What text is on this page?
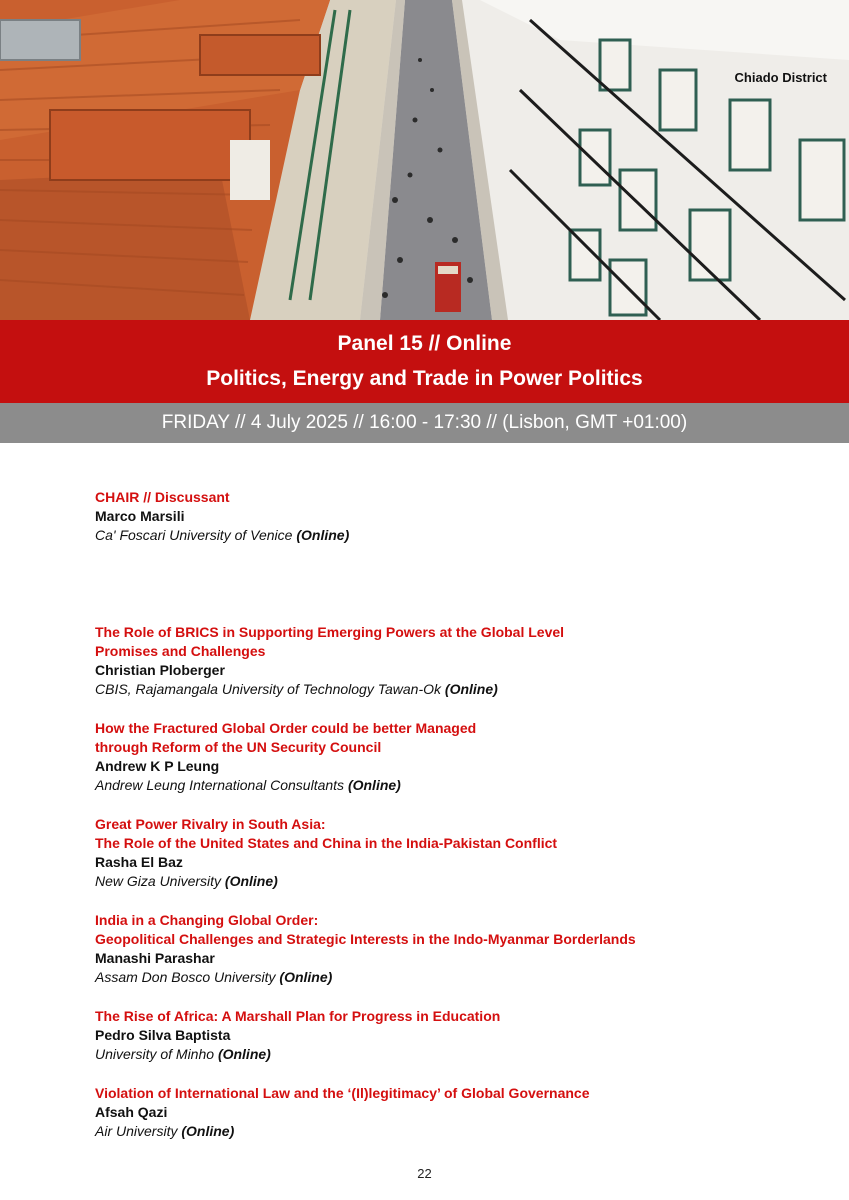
Chiado District
Panel 15 // Online
Politics, Energy and Trade in Power Politics
FRIDAY // 4 July 2025 // 16:00 - 17:30 // (Lisbon, GMT +01:00)
CHAIR // Discussant
Marco Marsili
Ca' Foscari University of Venice (Online)
The Role of BRICS in Supporting Emerging Powers at the Global Level
Promises and Challenges
Christian Ploberger
CBIS, Rajamangala University of Technology Tawan-Ok (Online)
How the Fractured Global Order could be better Managed
through Reform of the UN Security Council
Andrew K P Leung
Andrew Leung International Consultants (Online)
Great Power Rivalry in South Asia:
The Role of the United States and China in the India-Pakistan Conflict
Rasha El Baz
New Giza University (Online)
India in a Changing Global Order:
Geopolitical Challenges and Strategic Interests in the Indo-Myanmar Borderlands
Manashi Parashar
Assam Don Bosco University (Online)
The Rise of Africa: A Marshall Plan for Progress in Education
Pedro Silva Baptista
University of Minho (Online)
Violation of International Law and the ‘(Il)legitimacy’ of Global Governance
Afsah Qazi
Air University (Online)
22
